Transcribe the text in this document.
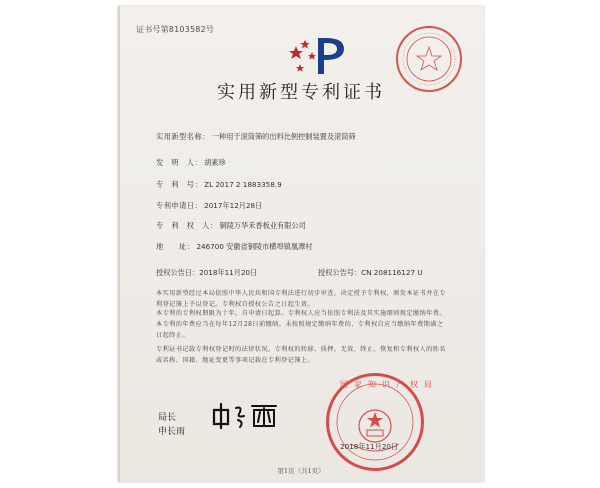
证书号第8103582号
实用新型专利证书
实用新型名称： 一种用于滚筒筛的出料比例控制装置及滚筒筛
发　明　人： 胡素珍
专　利　号： ZL 2017 2 1883358.9
专利申请日： 2017年12月28日
专　利　权　人： 铜陵万华禾香板业有限公司
地　　址： 246700 安徽省铜陵市横埠镇凰潭村
授权公告日：2018年11月20日	授权公告号：CN 208116127 U
本实用新型经过本局依照中华人民共和国专利法进行初步审查，决定授予专利权，颁发本证书并在专利登记簿上予以登记。专利权自授权公告之日起生效。
本专利的专利权期限为十年，自申请日起算。专利权人应当依照专利法及其实施细则规定缴纳年费。本专利的年费应当在每年12月28日前缴纳。未按照规定缴纳年费的，专利权自应当缴纳年费期满之日起终止。
专利证书记载专利权登记时的法律状况。专利权的转移、质押、无效、终止、恢复和专利权人的姓名或名称、国籍、地址变更等事项记载在专利登记簿上。
局长
申长雨
国家知识产权局
2018年11月20日
第1页（共1页）
